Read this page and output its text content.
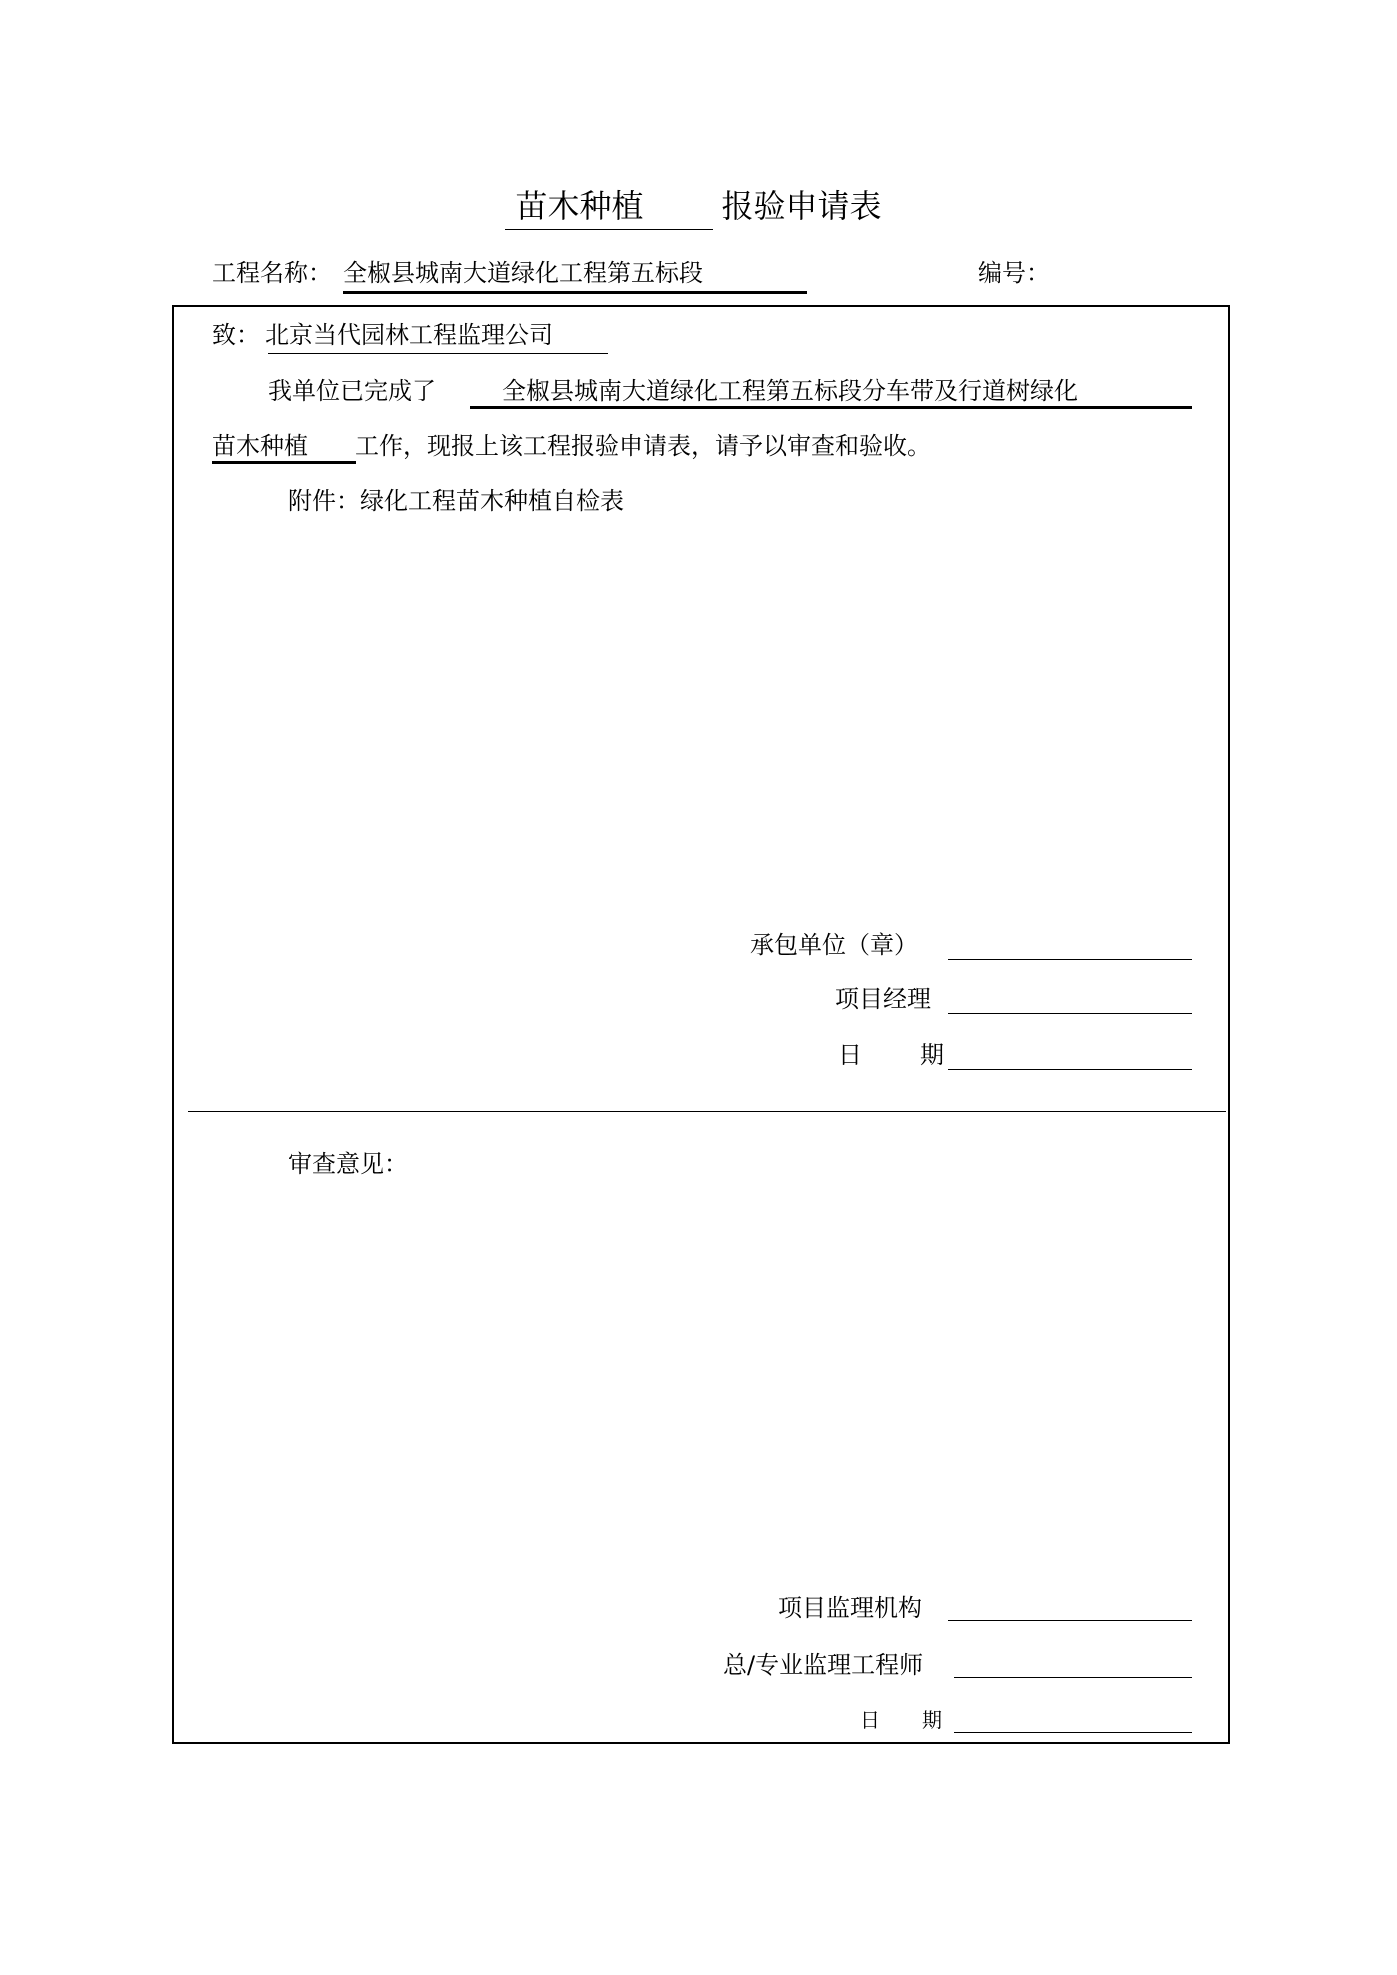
苗木种植 报验申请表
工程名称： 全椒县城南大道绿化工程第五标段	编号：
致： 北京当代园林工程监理公司
我单位已完成了	全椒县城南大道绿化工程第五标段分车带及行道树绿化
苗木种植 工作，现报上该工程报验申请表，请予以审查和验收。
附件：绿化工程苗木种植自检表
承包单位（章）
项目经理
日 期
审查意见：
项目监理机构
总/专业监理工程师
日 期
